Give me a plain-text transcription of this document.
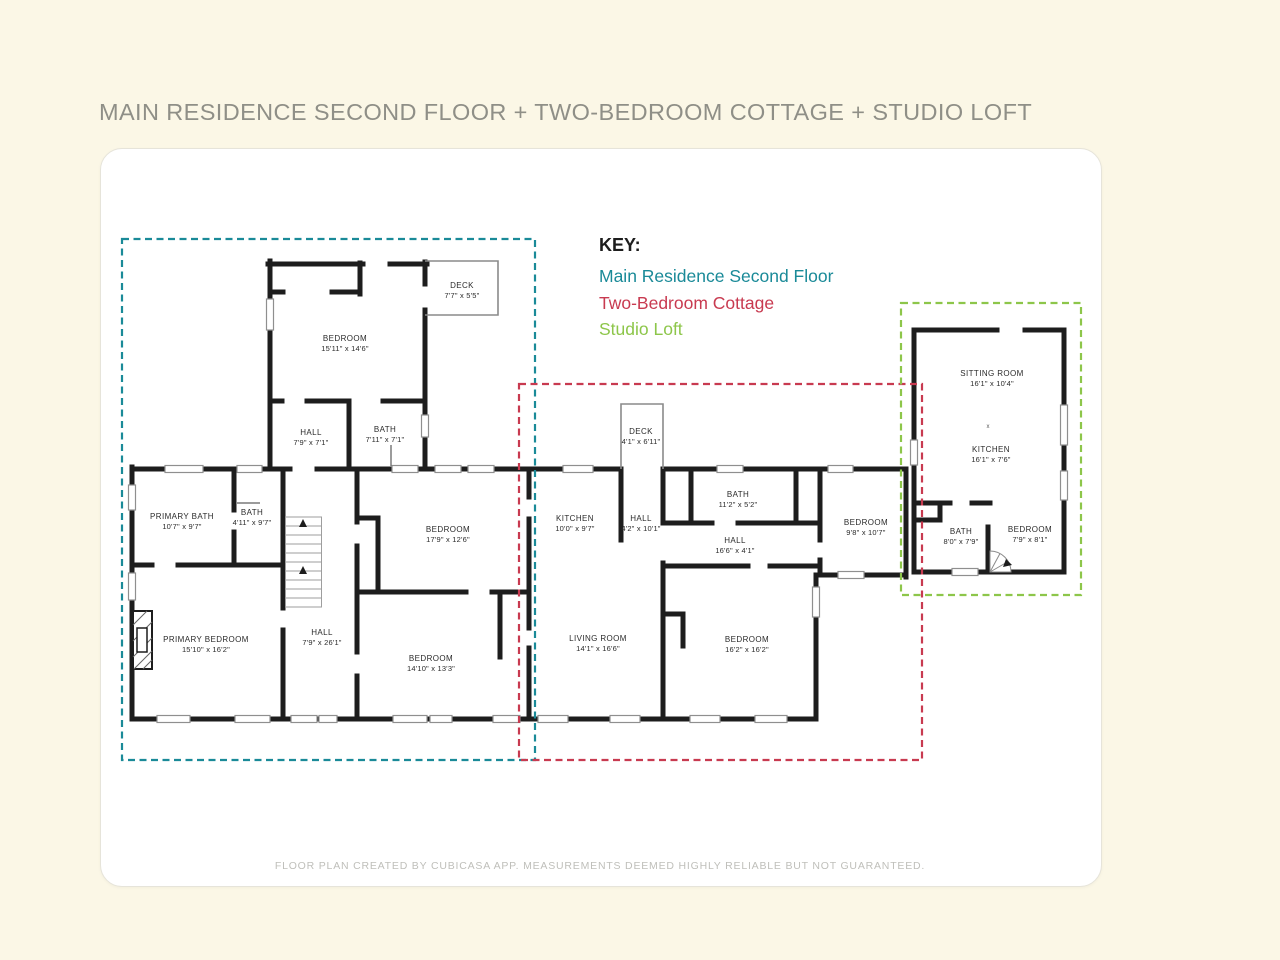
MAIN RESIDENCE SECOND FLOOR + TWO-BEDROOM COTTAGE + STUDIO LOFT
x
DECK
7'7" x 5'5"
BEDROOM
15'11" x 14'6"
HALL
7'9" x 7'1"
BATH
7'11" x 7'1"
PRIMARY BATH
10'7" x 9'7"
BATH
4'11" x 9'7"
BEDROOM
17'9" x 12'6"
PRIMARY BEDROOM
15'10" x 16'2"
HALL
7'9" x 26'1"
BEDROOM
14'10" x 13'3"
DECK
4'1" x 6'11"
KITCHEN
10'0" x 9'7"
HALL
4'2" x 10'1"
BATH
11'2" x 5'2"
HALL
16'6" x 4'1"
BEDROOM
9'8" x 10'7"
LIVING ROOM
14'1" x 16'6"
BEDROOM
16'2" x 16'2"
SITTING ROOM
16'1" x 10'4"
KITCHEN
16'1" x 7'6"
BATH
8'0" x 7'9"
BEDROOM
7'9" x 8'1"
KEY:
Main Residence Second Floor
Two-Bedroom Cottage
Studio Loft
FLOOR PLAN CREATED BY CUBICASA APP. MEASUREMENTS DEEMED HIGHLY RELIABLE BUT NOT GUARANTEED.
